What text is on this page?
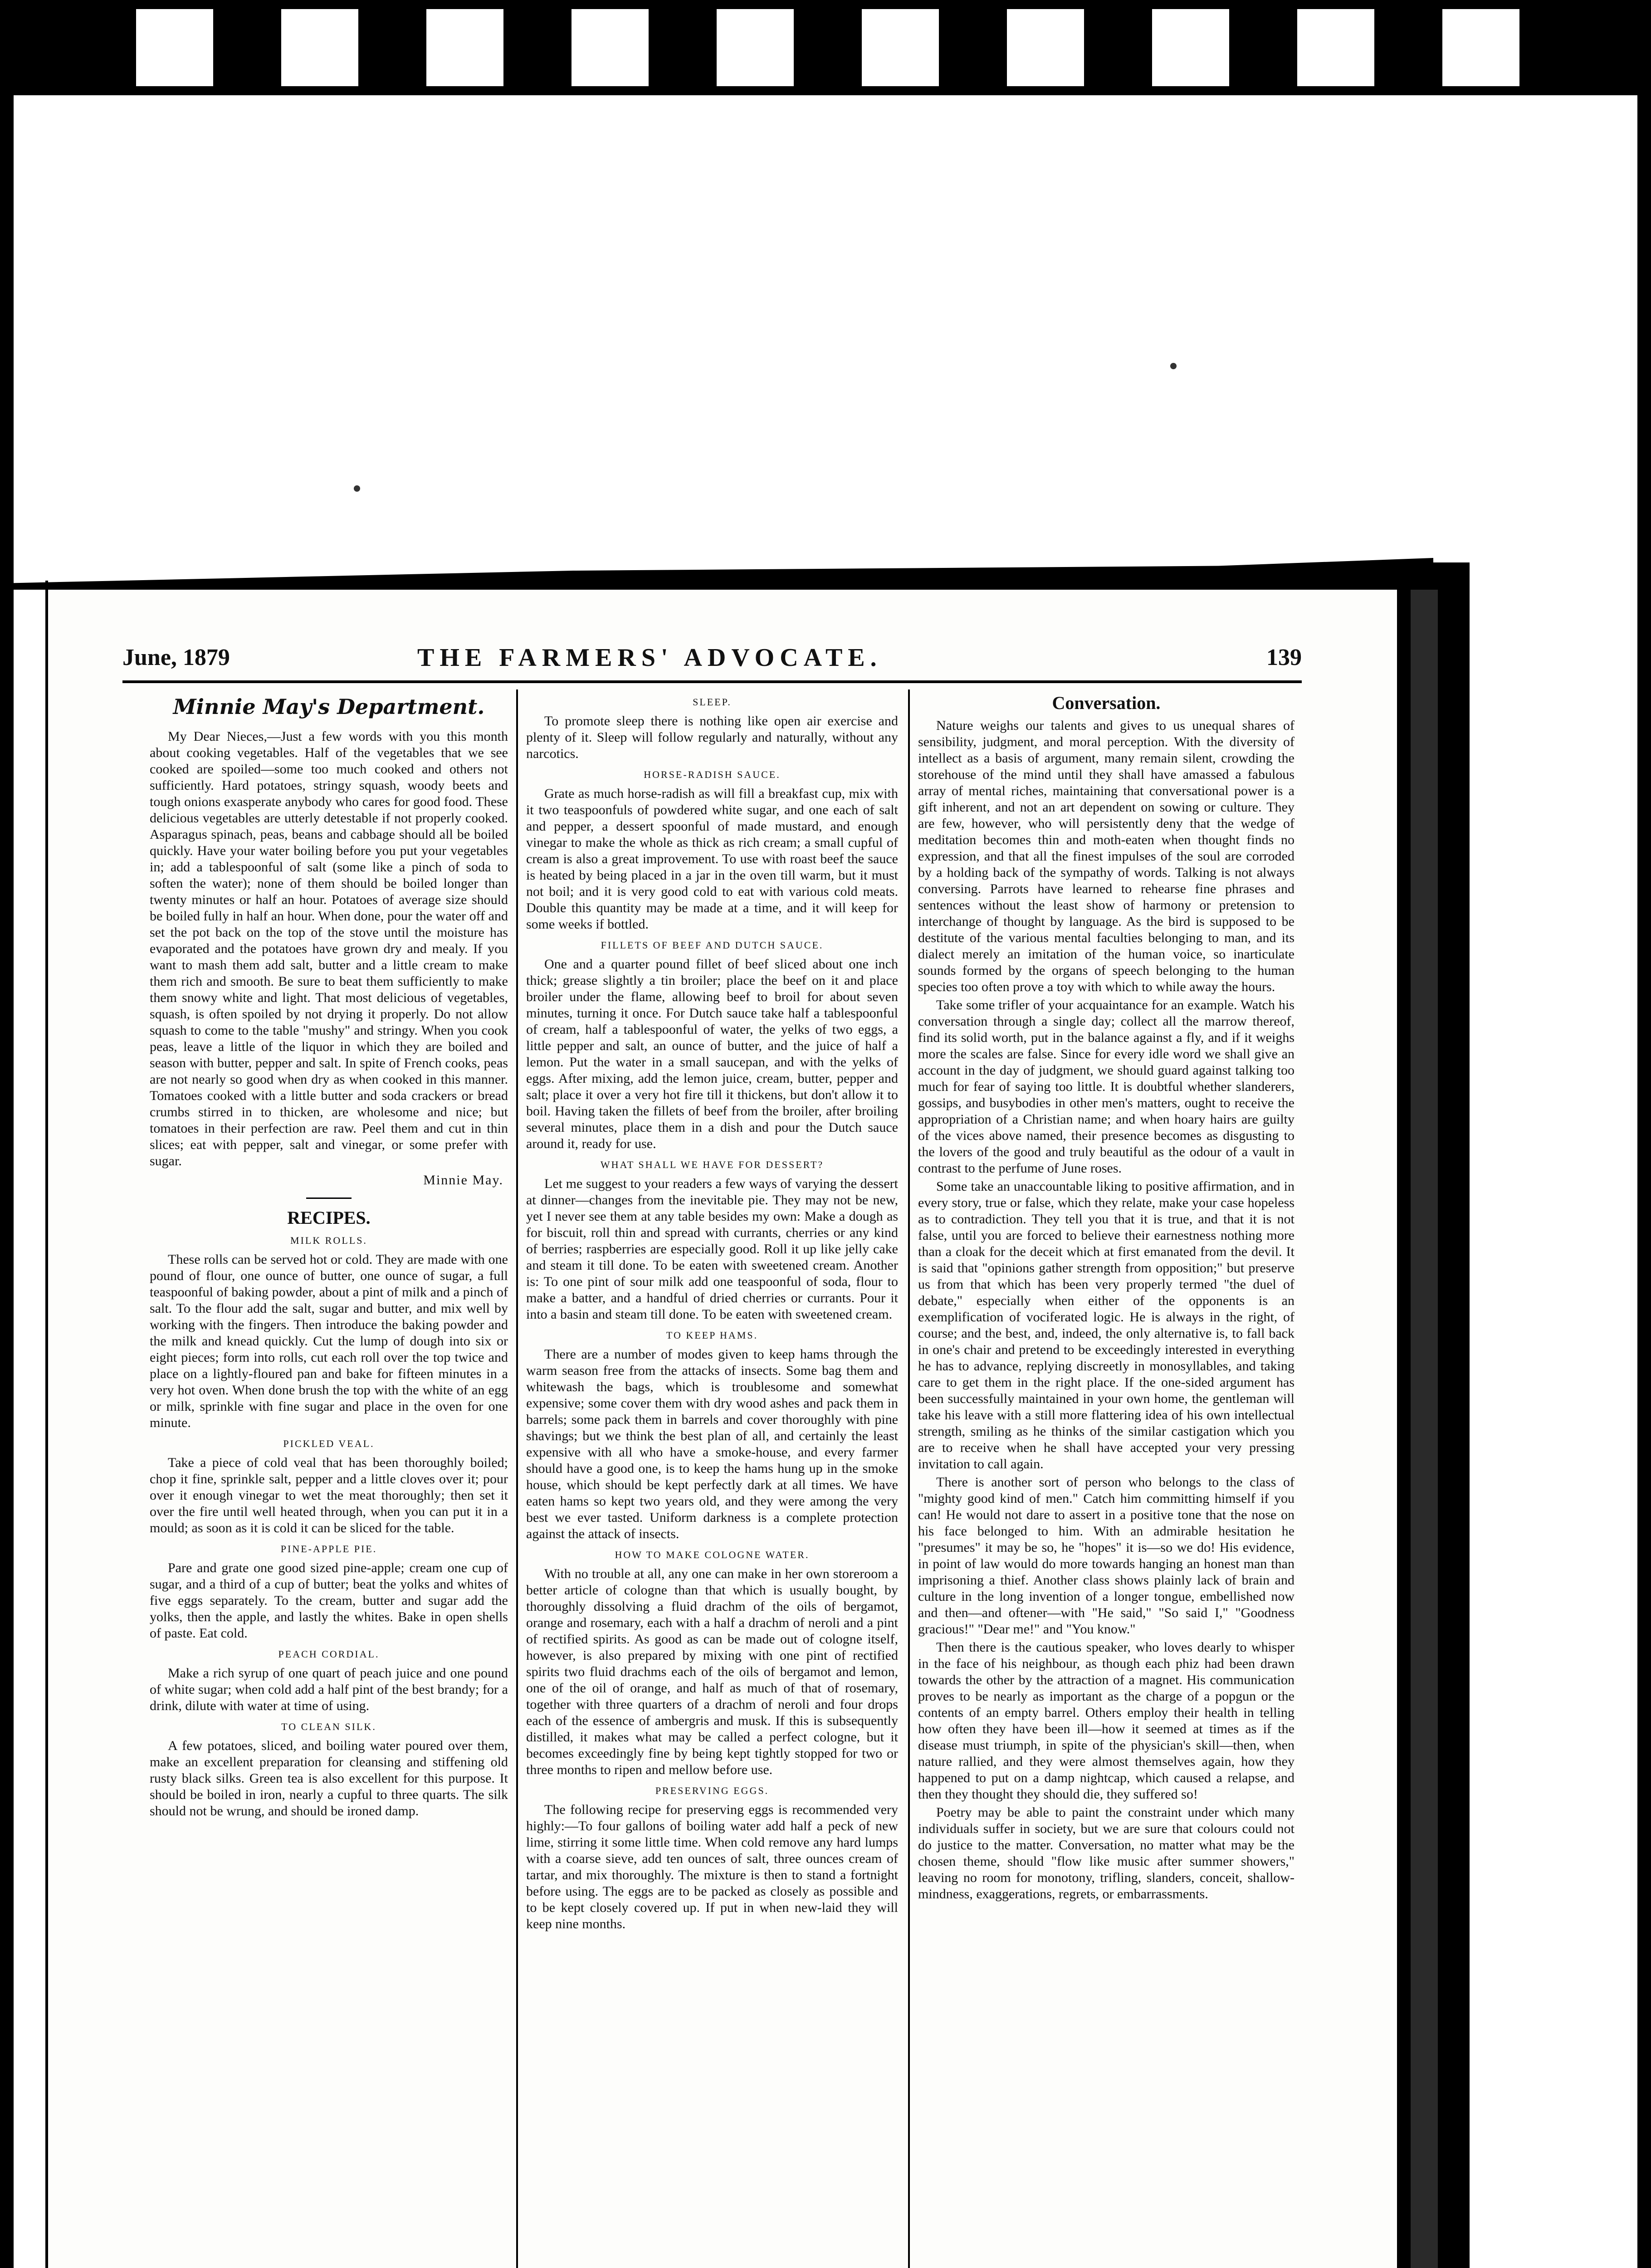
June, 1879	THE FARMERS' ADVOCATE.	139
Minnie May's Department.

My Dear Nieces,—Just a few words with you this month about cooking vegetables. Half of the vegetables that we see cooked are spoiled—some too much cooked and others not sufficiently. Hard potatoes, stringy squash, woody beets and tough onions exasperate anybody who cares for good food. These delicious vegetables are utterly detestable if not properly cooked. Asparagus spinach, peas, beans and cabbage should all be boiled quickly. Have your water boiling before you put your vegetables in; add a tablespoonful of salt (some like a pinch of soda to soften the water); none of them should be boiled longer than twenty minutes or half an hour. Potatoes of average size should be boiled fully in half an hour. When done, pour the water off and set the pot back on the top of the stove until the moisture has evaporated and the potatoes have grown dry and mealy. If you want to mash them add salt, butter and a little cream to make them rich and smooth. Be sure to beat them sufficiently to make them snowy white and light. That most delicious of vegetables, squash, is often spoiled by not drying it properly. Do not allow squash to come to the table "mushy" and stringy. When you cook peas, leave a little of the liquor in which they are boiled and season with butter, pepper and salt. In spite of French cooks, peas are not nearly so good when dry as when cooked in this manner. Tomatoes cooked with a little butter and soda crackers or bread crumbs stirred in to thicken, are wholesome and nice; but tomatoes in their perfection are raw. Peel them and cut in thin slices; eat with pepper, salt and vinegar, or some prefer with sugar.

Minnie May.
RECIPES.
MILK ROLLS.

These rolls can be served hot or cold. They are made with one pound of flour, one ounce of butter, one ounce of sugar, a full teaspoonful of baking powder, about a pint of milk and a pinch of salt. To the flour add the salt, sugar and butter, and mix well by working with the fingers. Then introduce the baking powder and the milk and knead quickly. Cut the lump of dough into six or eight pieces; form into rolls, cut each roll over the top twice and place on a lightly-floured pan and bake for fifteen minutes in a very hot oven. When done brush the top with the white of an egg or milk, sprinkle with fine sugar and place in the oven for one minute.

PICKLED VEAL.

Take a piece of cold veal that has been thoroughly boiled; chop it fine, sprinkle salt, pepper and a little cloves over it; pour over it enough vinegar to wet the meat thoroughly; then set it over the fire until well heated through, when you can put it in a mould; as soon as it is cold it can be sliced for the table.

PINE-APPLE PIE.

Pare and grate one good sized pine-apple; cream one cup of sugar, and a third of a cup of butter; beat the yolks and whites of five eggs separately. To the cream, butter and sugar add the yolks, then the apple, and lastly the whites. Bake in open shells of paste. Eat cold.

PEACH CORDIAL.

Make a rich syrup of one quart of peach juice and one pound of white sugar; when cold add a half pint of the best brandy; for a drink, dilute with water at time of using.

TO CLEAN SILK.

A few potatoes, sliced, and boiling water poured over them, make an excellent preparation for cleansing and stiffening old rusty black silks. Green tea is also excellent for this purpose. It should be boiled in iron, nearly a cupful to three quarts. The silk should not be wrung, and should be ironed damp.

SLEEP.

To promote sleep there is nothing like open air exercise and plenty of it. Sleep will follow regularly and naturally, without any narcotics.

HORSE-RADISH SAUCE.

Grate as much horse-radish as will fill a breakfast cup, mix with it two teaspoonfuls of powdered white sugar, and one each of salt and pepper, a dessert spoonful of made mustard, and enough vinegar to make the whole as thick as rich cream; a small cupful of cream is also a great improvement. To use with roast beef the sauce is heated by being placed in a jar in the oven till warm, but it must not boil; and it is very good cold to eat with various cold meats. Double this quantity may be made at a time, and it will keep for some weeks if bottled.

FILLETS OF BEEF AND DUTCH SAUCE.

One and a quarter pound fillet of beef sliced about one inch thick; grease slightly a tin broiler; place the beef on it and place broiler under the flame, allowing beef to broil for about seven minutes, turning it once. For Dutch sauce take half a tablespoonful of cream, half a tablespoonful of water, the yelks of two eggs, a little pepper and salt, an ounce of butter, and the juice of half a lemon. Put the water in a small saucepan, and with the yelks of eggs. After mixing, add the lemon juice, cream, butter, pepper and salt; place it over a very hot fire till it thickens, but don't allow it to boil. Having taken the fillets of beef from the broiler, after broiling several minutes, place them in a dish and pour the Dutch sauce around it, ready for use.

WHAT SHALL WE HAVE FOR DESSERT?

Let me suggest to your readers a few ways of varying the dessert at dinner—changes from the inevitable pie. They may not be new, yet I never see them at any table besides my own: Make a dough as for biscuit, roll thin and spread with currants, cherries or any kind of berries; raspberries are especially good. Roll it up like jelly cake and steam it till done. To be eaten with sweetened cream. Another is: To one pint of sour milk add one teaspoonful of soda, flour to make a batter, and a handful of dried cherries or currants. Pour it into a basin and steam till done. To be eaten with sweetened cream.

TO KEEP HAMS.

There are a number of modes given to keep hams through the warm season free from the attacks of insects. Some bag them and whitewash the bags, which is troublesome and somewhat expensive; some cover them with dry wood ashes and pack them in barrels; some pack them in barrels and cover thoroughly with pine shavings; but we think the best plan of all, and certainly the least expensive with all who have a smoke-house, and every farmer should have a good one, is to keep the hams hung up in the smoke house, which should be kept perfectly dark at all times. We have eaten hams so kept two years old, and they were among the very best we ever tasted. Uniform darkness is a complete protection against the attack of insects.

HOW TO MAKE COLOGNE WATER.

With no trouble at all, any one can make in her own storeroom a better article of cologne than that which is usually bought, by thoroughly dissolving a fluid drachm of the oils of bergamot, orange and rosemary, each with a half a drachm of neroli and a pint of rectified spirits. As good as can be made out of cologne itself, however, is also prepared by mixing with one pint of rectified spirits two fluid drachms each of the oils of bergamot and lemon, one of the oil of orange, and half as much of that of rosemary, together with three quarters of a drachm of neroli and four drops each of the essence of ambergris and musk. If this is subsequently distilled, it makes what may be called a perfect cologne, but it becomes exceedingly fine by being kept tightly stopped for two or three months to ripen and mellow before use.

PRESERVING EGGS.

The following recipe for preserving eggs is recommended very highly:—To four gallons of boiling water add half a peck of new lime, stirring it some little time. When cold remove any hard lumps with a coarse sieve, add ten ounces of salt, three ounces cream of tartar, and mix thoroughly. The mixture is then to stand a fortnight before using. The eggs are to be packed as closely as possible and to be kept closely covered up. If put in when new-laid they will keep nine months.

Conversation.

Nature weighs our talents and gives to us unequal shares of sensibility, judgment, and moral perception. With the diversity of intellect as a basis of argument, many remain silent, crowding the storehouse of the mind until they shall have amassed a fabulous array of mental riches, maintaining that conversational power is a gift inherent, and not an art dependent on sowing or culture. They are few, however, who will persistently deny that the wedge of meditation becomes thin and moth-eaten when thought finds no expression, and that all the finest impulses of the soul are corroded by a holding back of the sympathy of words. Talking is not always conversing. Parrots have learned to rehearse fine phrases and sentences without the least show of harmony or pretension to interchange of thought by language. As the bird is supposed to be destitute of the various mental faculties belonging to man, and its dialect merely an imitation of the human voice, so inarticulate sounds formed by the organs of speech belonging to the human species too often prove a toy with which to while away the hours.

Take some trifler of your acquaintance for an example. Watch his conversation through a single day; collect all the marrow thereof, find its solid worth, put in the balance against a fly, and if it weighs more the scales are false. Since for every idle word we shall give an account in the day of judgment, we should guard against talking too much for fear of saying too little. It is doubtful whether slanderers, gossips, and busybodies in other men's matters, ought to receive the appropriation of a Christian name; and when hoary hairs are guilty of the vices above named, their presence becomes as disgusting to the lovers of the good and truly beautiful as the odour of a vault in contrast to the perfume of June roses.

Some take an unaccountable liking to positive affirmation, and in every story, true or false, which they relate, make your case hopeless as to contradiction. They tell you that it is true, and that it is not false, until you are forced to believe their earnestness nothing more than a cloak for the deceit which at first emanated from the devil. It is said that "opinions gather strength from opposition;" but preserve us from that which has been very properly termed "the duel of debate," especially when either of the opponents is an exemplification of vociferated logic. He is always in the right, of course; and the best, and, indeed, the only alternative is, to fall back in one's chair and pretend to be exceedingly interested in everything he has to advance, replying discreetly in monosyllables, and taking care to get them in the right place. If the one-sided argument has been successfully maintained in your own home, the gentleman will take his leave with a still more flattering idea of his own intellectual strength, smiling as he thinks of the similar castigation which you are to receive when he shall have accepted your very pressing invitation to call again.

There is another sort of person who belongs to the class of "mighty good kind of men." Catch him committing himself if you can! He would not dare to assert in a positive tone that the nose on his face belonged to him. With an admirable hesitation he "presumes" it may be so, he "hopes" it is—so we do! His evidence, in point of law would do more towards hanging an honest man than imprisoning a thief. Another class shows plainly lack of brain and culture in the long invention of a longer tongue, embellished now and then—and oftener—with "He said," "So said I," "Goodness gracious!" "Dear me!" and "You know."

Then there is the cautious speaker, who loves dearly to whisper in the face of his neighbour, as though each phiz had been drawn towards the other by the attraction of a magnet. His communication proves to be nearly as important as the charge of a popgun or the contents of an empty barrel. Others employ their health in telling how often they have been ill—how it seemed at times as if the disease must triumph, in spite of the physician's skill—then, when nature rallied, and they were almost themselves again, how they happened to put on a damp nightcap, which caused a relapse, and then they thought they should die, they suffered so!

Poetry may be able to paint the constraint under which many individuals suffer in society, but we are sure that colours could not do justice to the matter. Conversation, no matter what may be the chosen theme, should "flow like music after summer showers," leaving no room for monotony, trifling, slanders, conceit, shallow-mindness, exaggerations, regrets, or embarrassments.
